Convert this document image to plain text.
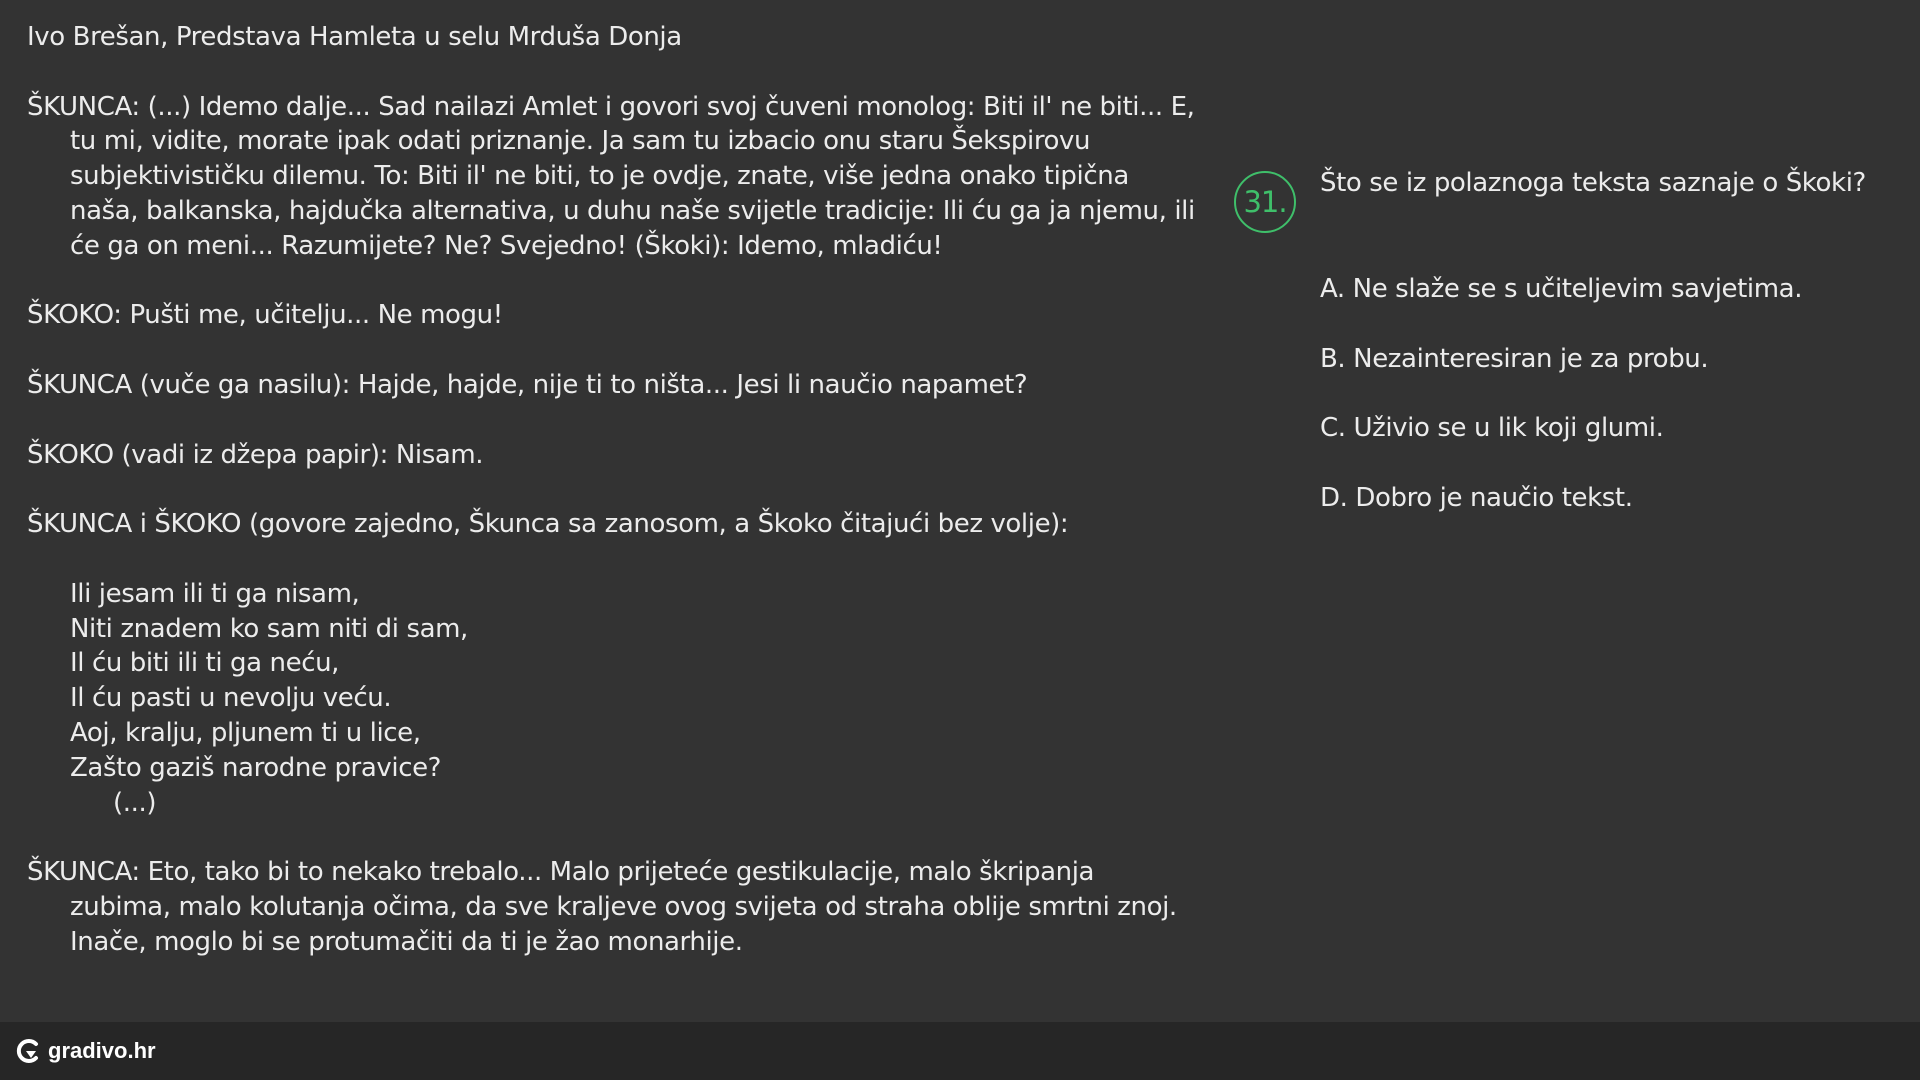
Ivo Brešan, Predstava Hamleta u selu Mrduša Donja

ŠKUNCA: (...) Idemo dalje... Sad nailazi Amlet i govori svoj čuveni monolog: Biti il' ne biti... E, tu mi, vidite, morate ipak odati priznanje. Ja sam tu izbacio onu staru Šekspirovu subjektivističku dilemu. To: Biti il' ne biti, to je ovdje, znate, više jedna onako tipična naša, balkanska, hajdučka alternativa, u duhu naše svijetle tradicije: Ili ću ga ja njemu, ili će ga on meni... Razumijete? Ne? Svejedno! (Škoki): Idemo, mladiću!

ŠKOKO: Pušti me, učitelju... Ne mogu!

ŠKUNCA (vuče ga nasilu): Hajde, hajde, nije ti to ništa... Jesi li naučio napamet?

ŠKOKO (vadi iz džepa papir): Nisam.

ŠKUNCA i ŠKOKO (govore zajedno, Škunca sa zanosom, a Škoko čitajući bez volje):

Ili jesam ili ti ga nisam,
Niti znadem ko sam niti di sam,
Il ću biti ili ti ga neću,
Il ću pasti u nevolju veću.
Aoj, kralju, pljunem ti u lice,
Zašto gaziš narodne pravice?
(...)

ŠKUNCA: Eto, tako bi to nekako trebalo... Malo prijeteće gestikulacije, malo škripanja zubima, malo kolutanja očima, da sve kraljeve ovog svijeta od straha oblije smrtni znoj. Inače, moglo bi se protumačiti da ti je žao monarhije.

31.
Što se iz polaznoga teksta saznaje o Škoki?
A. Ne slaže se s učiteljevim savjetima.
B. Nezainteresiran je za probu.
C. Uživio se u lik koji glumi.
D. Dobro je naučio tekst.
gradivo.hr
